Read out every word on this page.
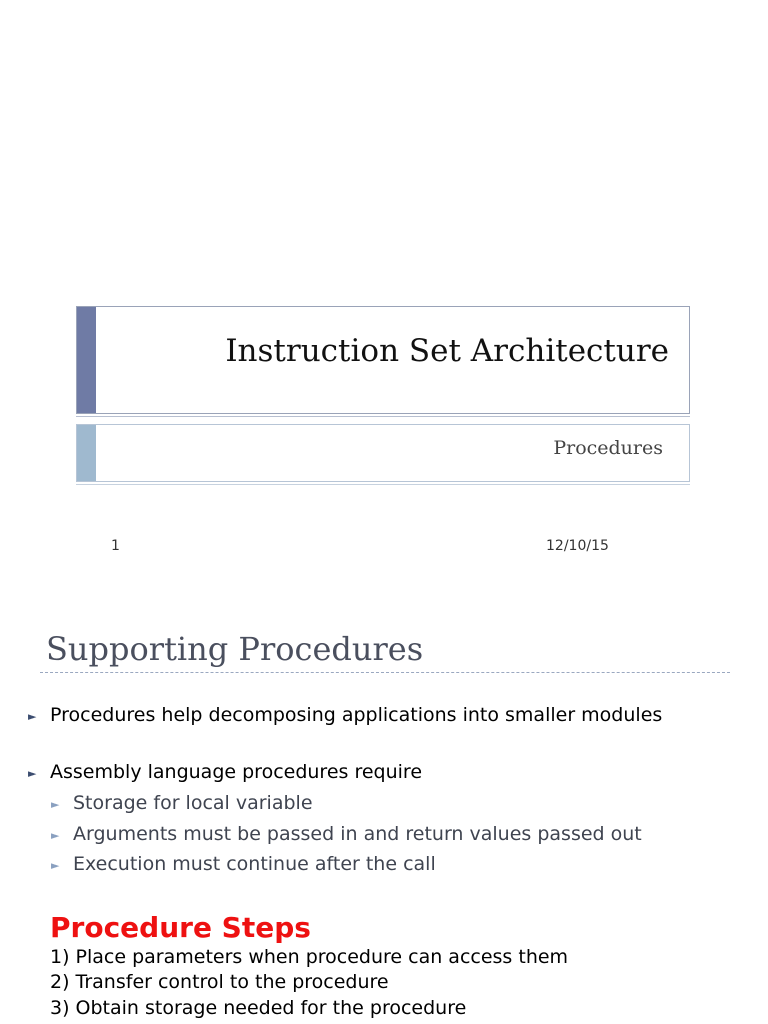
Instruction Set Architecture
Procedures
1	12/10/15
Supporting Procedures
► Procedures help decomposing applications into smaller modules
► Assembly language procedures require
► Storage for local variable
► Arguments must be passed in and return values passed out
► Execution must continue after the call
Procedure Steps
1) Place parameters when procedure can access them
2) Transfer control to the procedure
3) Obtain storage needed for the procedure
